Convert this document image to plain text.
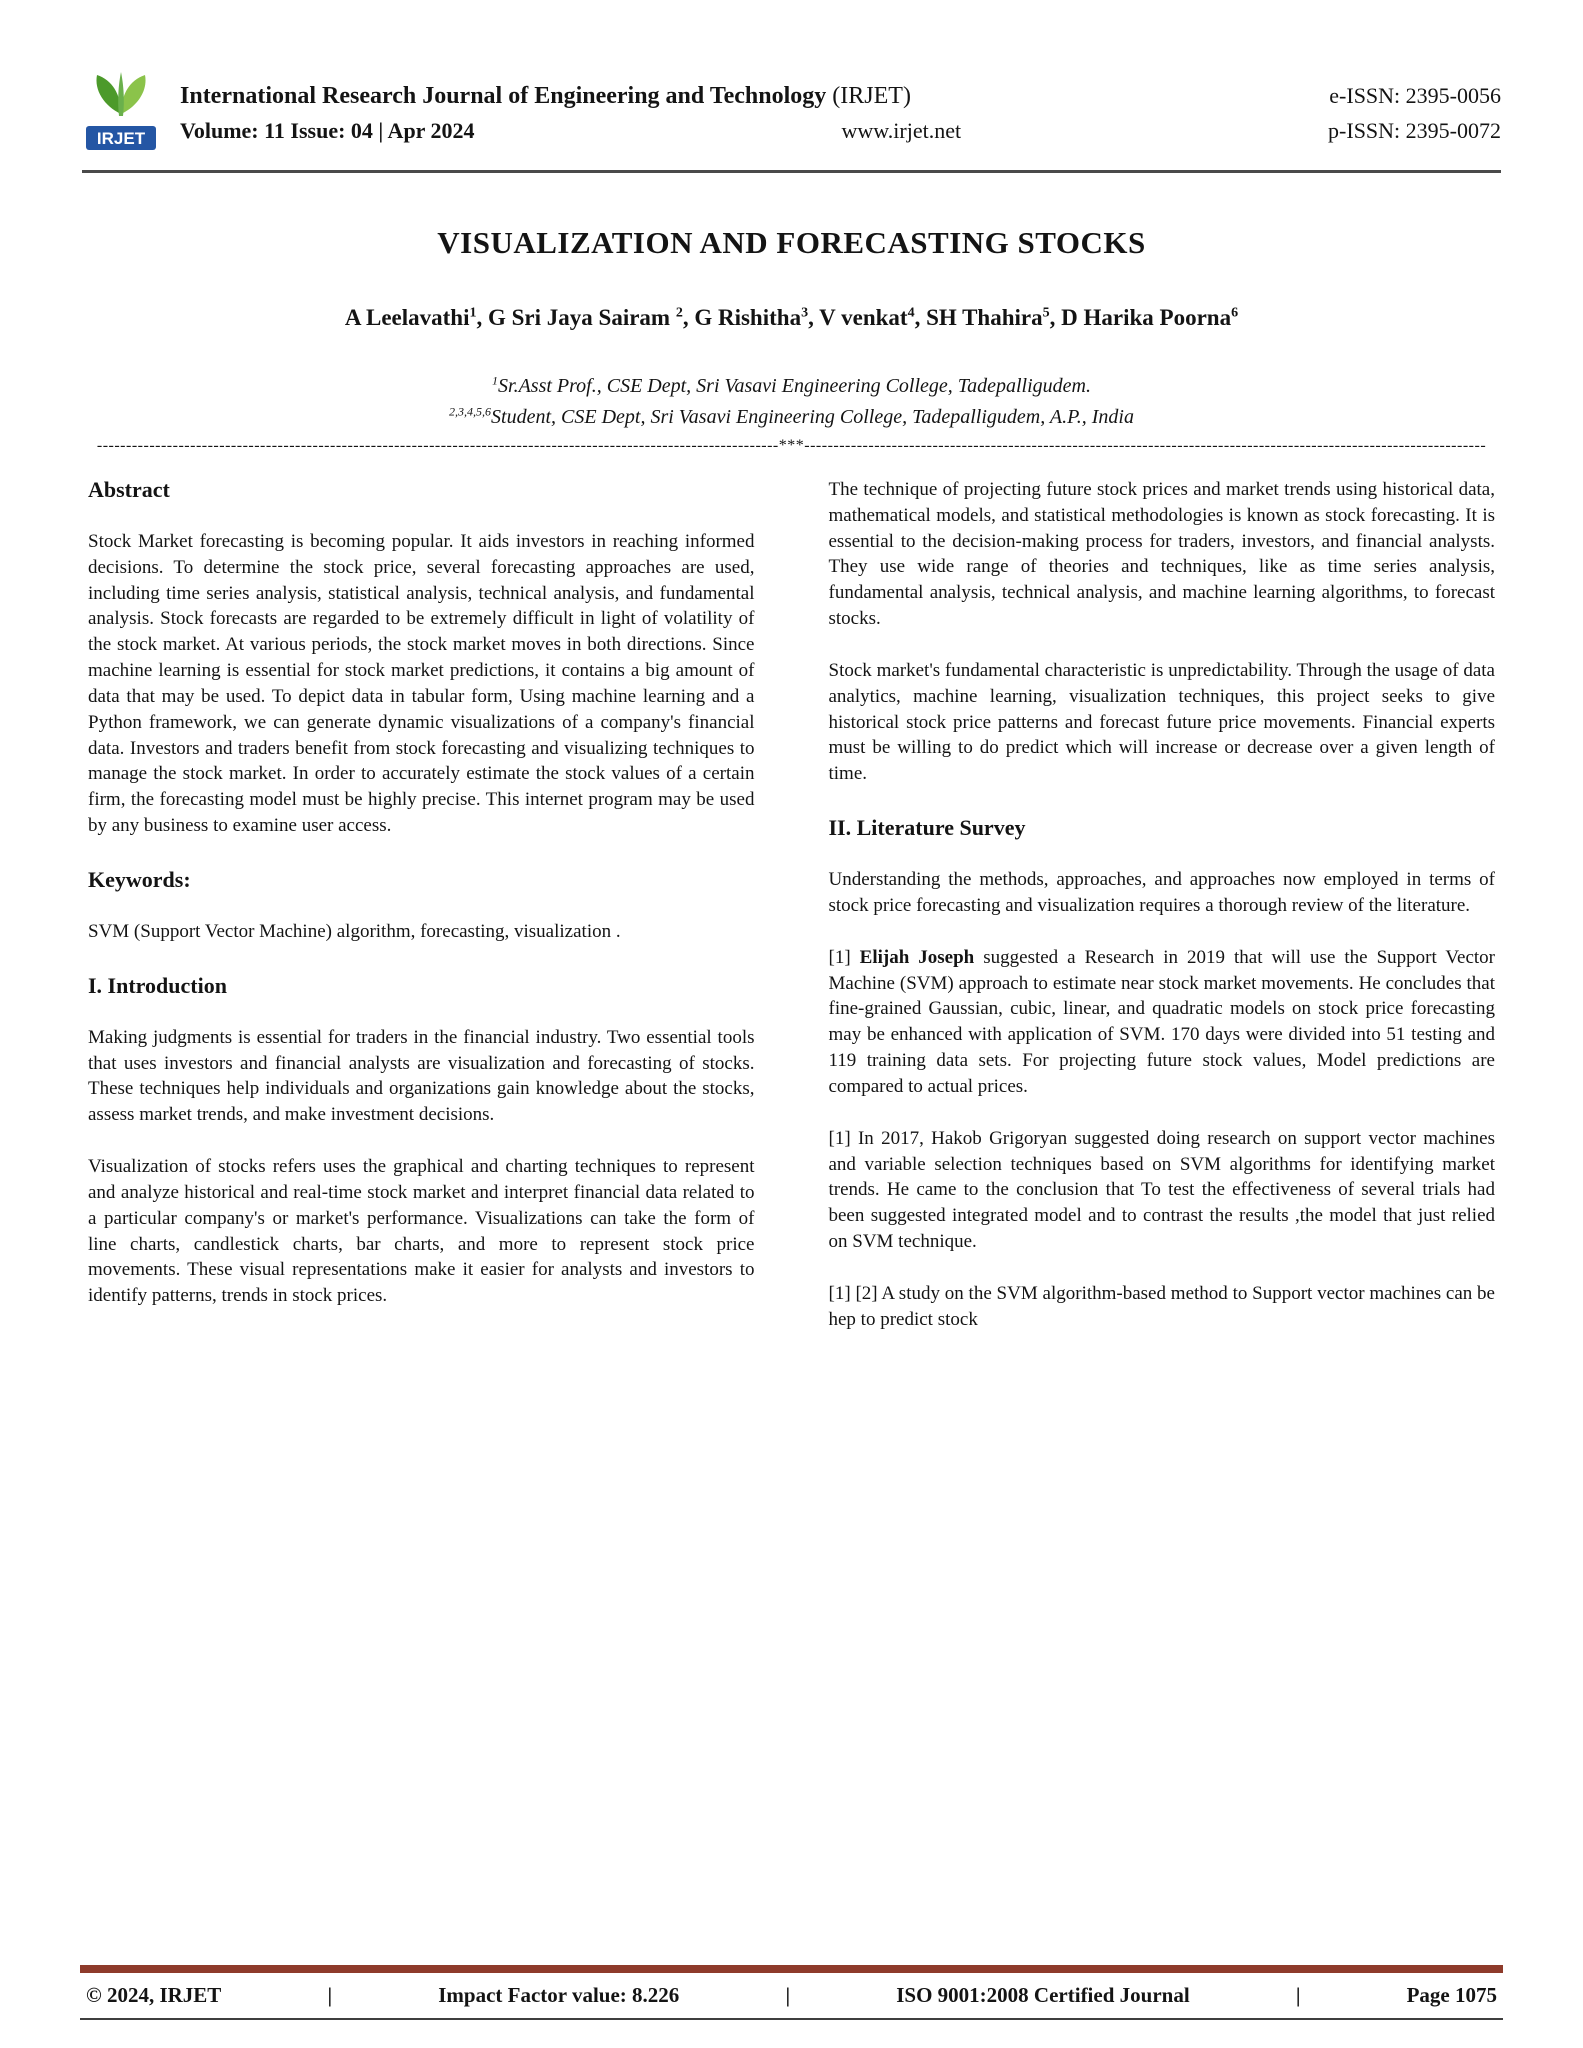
IRJET
International Research Journal of Engineering and Technology (IRJET)	e-ISSN: 2395-0056
Volume: 11 Issue: 04 | Apr 2024	www.irjet.net	p-ISSN: 2395-0072
VISUALIZATION AND FORECASTING STOCKS
A Leelavathi$^1$, G Sri Jaya Sairam $^2$, G Rishitha$^3$, V venkat$^4$, SH Thahira$^5$, D Harika Poorna$^6$
$^1$Sr.Asst Prof., CSE Dept, Sri Vasavi Engineering College, Tadepalligudem.
$^{2,3,4,5,6}$Student, CSE Dept, Sri Vasavi Engineering College, Tadepalligudem, A.P., India
---------------------------------------------------------------------------------------------------------------------***---------------------------------------------------------------------------------------------------------------------
Abstract

Stock Market forecasting is becoming popular. It aids investors in reaching informed decisions. To determine the stock price, several forecasting approaches are used, including time series analysis, statistical analysis, technical analysis, and fundamental analysis. Stock forecasts are regarded to be extremely difficult in light of volatility of the stock market. At various periods, the stock market moves in both directions. Since machine learning is essential for stock market predictions, it contains a big amount of data that may be used. To depict data in tabular form, Using machine learning and a Python framework, we can generate dynamic visualizations of a company's financial data. Investors and traders benefit from stock forecasting and visualizing techniques to manage the stock market. In order to accurately estimate the stock values of a certain firm, the forecasting model must be highly precise. This internet program may be used by any business to examine user access.

Keywords:

SVM (Support Vector Machine) algorithm, forecasting, visualization .

I. Introduction

Making judgments is essential for traders in the financial industry. Two essential tools that uses investors and financial analysts are visualization and forecasting of stocks. These techniques help individuals and organizations gain knowledge about the stocks, assess market trends, and make investment decisions.

Visualization of stocks refers uses the graphical and charting techniques to represent and analyze historical and real-time stock market and interpret financial data related to a particular company's or market's performance. Visualizations can take the form of line charts, candlestick charts, bar charts, and more to represent stock price movements. These visual representations make it easier for analysts and investors to identify patterns, trends in stock prices.

The technique of projecting future stock prices and market trends using historical data, mathematical models, and statistical methodologies is known as stock forecasting. It is essential to the decision-making process for traders, investors, and financial analysts. They use wide range of theories and techniques, like as time series analysis, fundamental analysis, technical analysis, and machine learning algorithms, to forecast stocks.

Stock market's fundamental characteristic is unpredictability. Through the usage of data analytics, machine learning, visualization techniques, this project seeks to give historical stock price patterns and forecast future price movements. Financial experts must be willing to do predict which will increase or decrease over a given length of time.

II. Literature Survey

Understanding the methods, approaches, and approaches now employed in terms of stock price forecasting and visualization requires a thorough review of the literature.

[1] Elijah Joseph suggested a Research in 2019 that will use the Support Vector Machine (SVM) approach to estimate near stock market movements. He concludes that fine-grained Gaussian, cubic, linear, and quadratic models on stock price forecasting may be enhanced with application of SVM. 170 days were divided into 51 testing and 119 training data sets. For projecting future stock values, Model predictions are compared to actual prices.

[1] In 2017, Hakob Grigoryan suggested doing research on support vector machines and variable selection techniques based on SVM algorithms for identifying market trends. He came to the conclusion that To test the effectiveness of several trials had been suggested integrated model and to contrast the results ,the model that just relied on SVM technique.

[1] [2] A study on the SVM algorithm-based method to Support vector machines can be hep to predict stock

© 2024, IRJET	|	Impact Factor value: 8.226	|	ISO 9001:2008 Certified Journal	|	Page 1075
